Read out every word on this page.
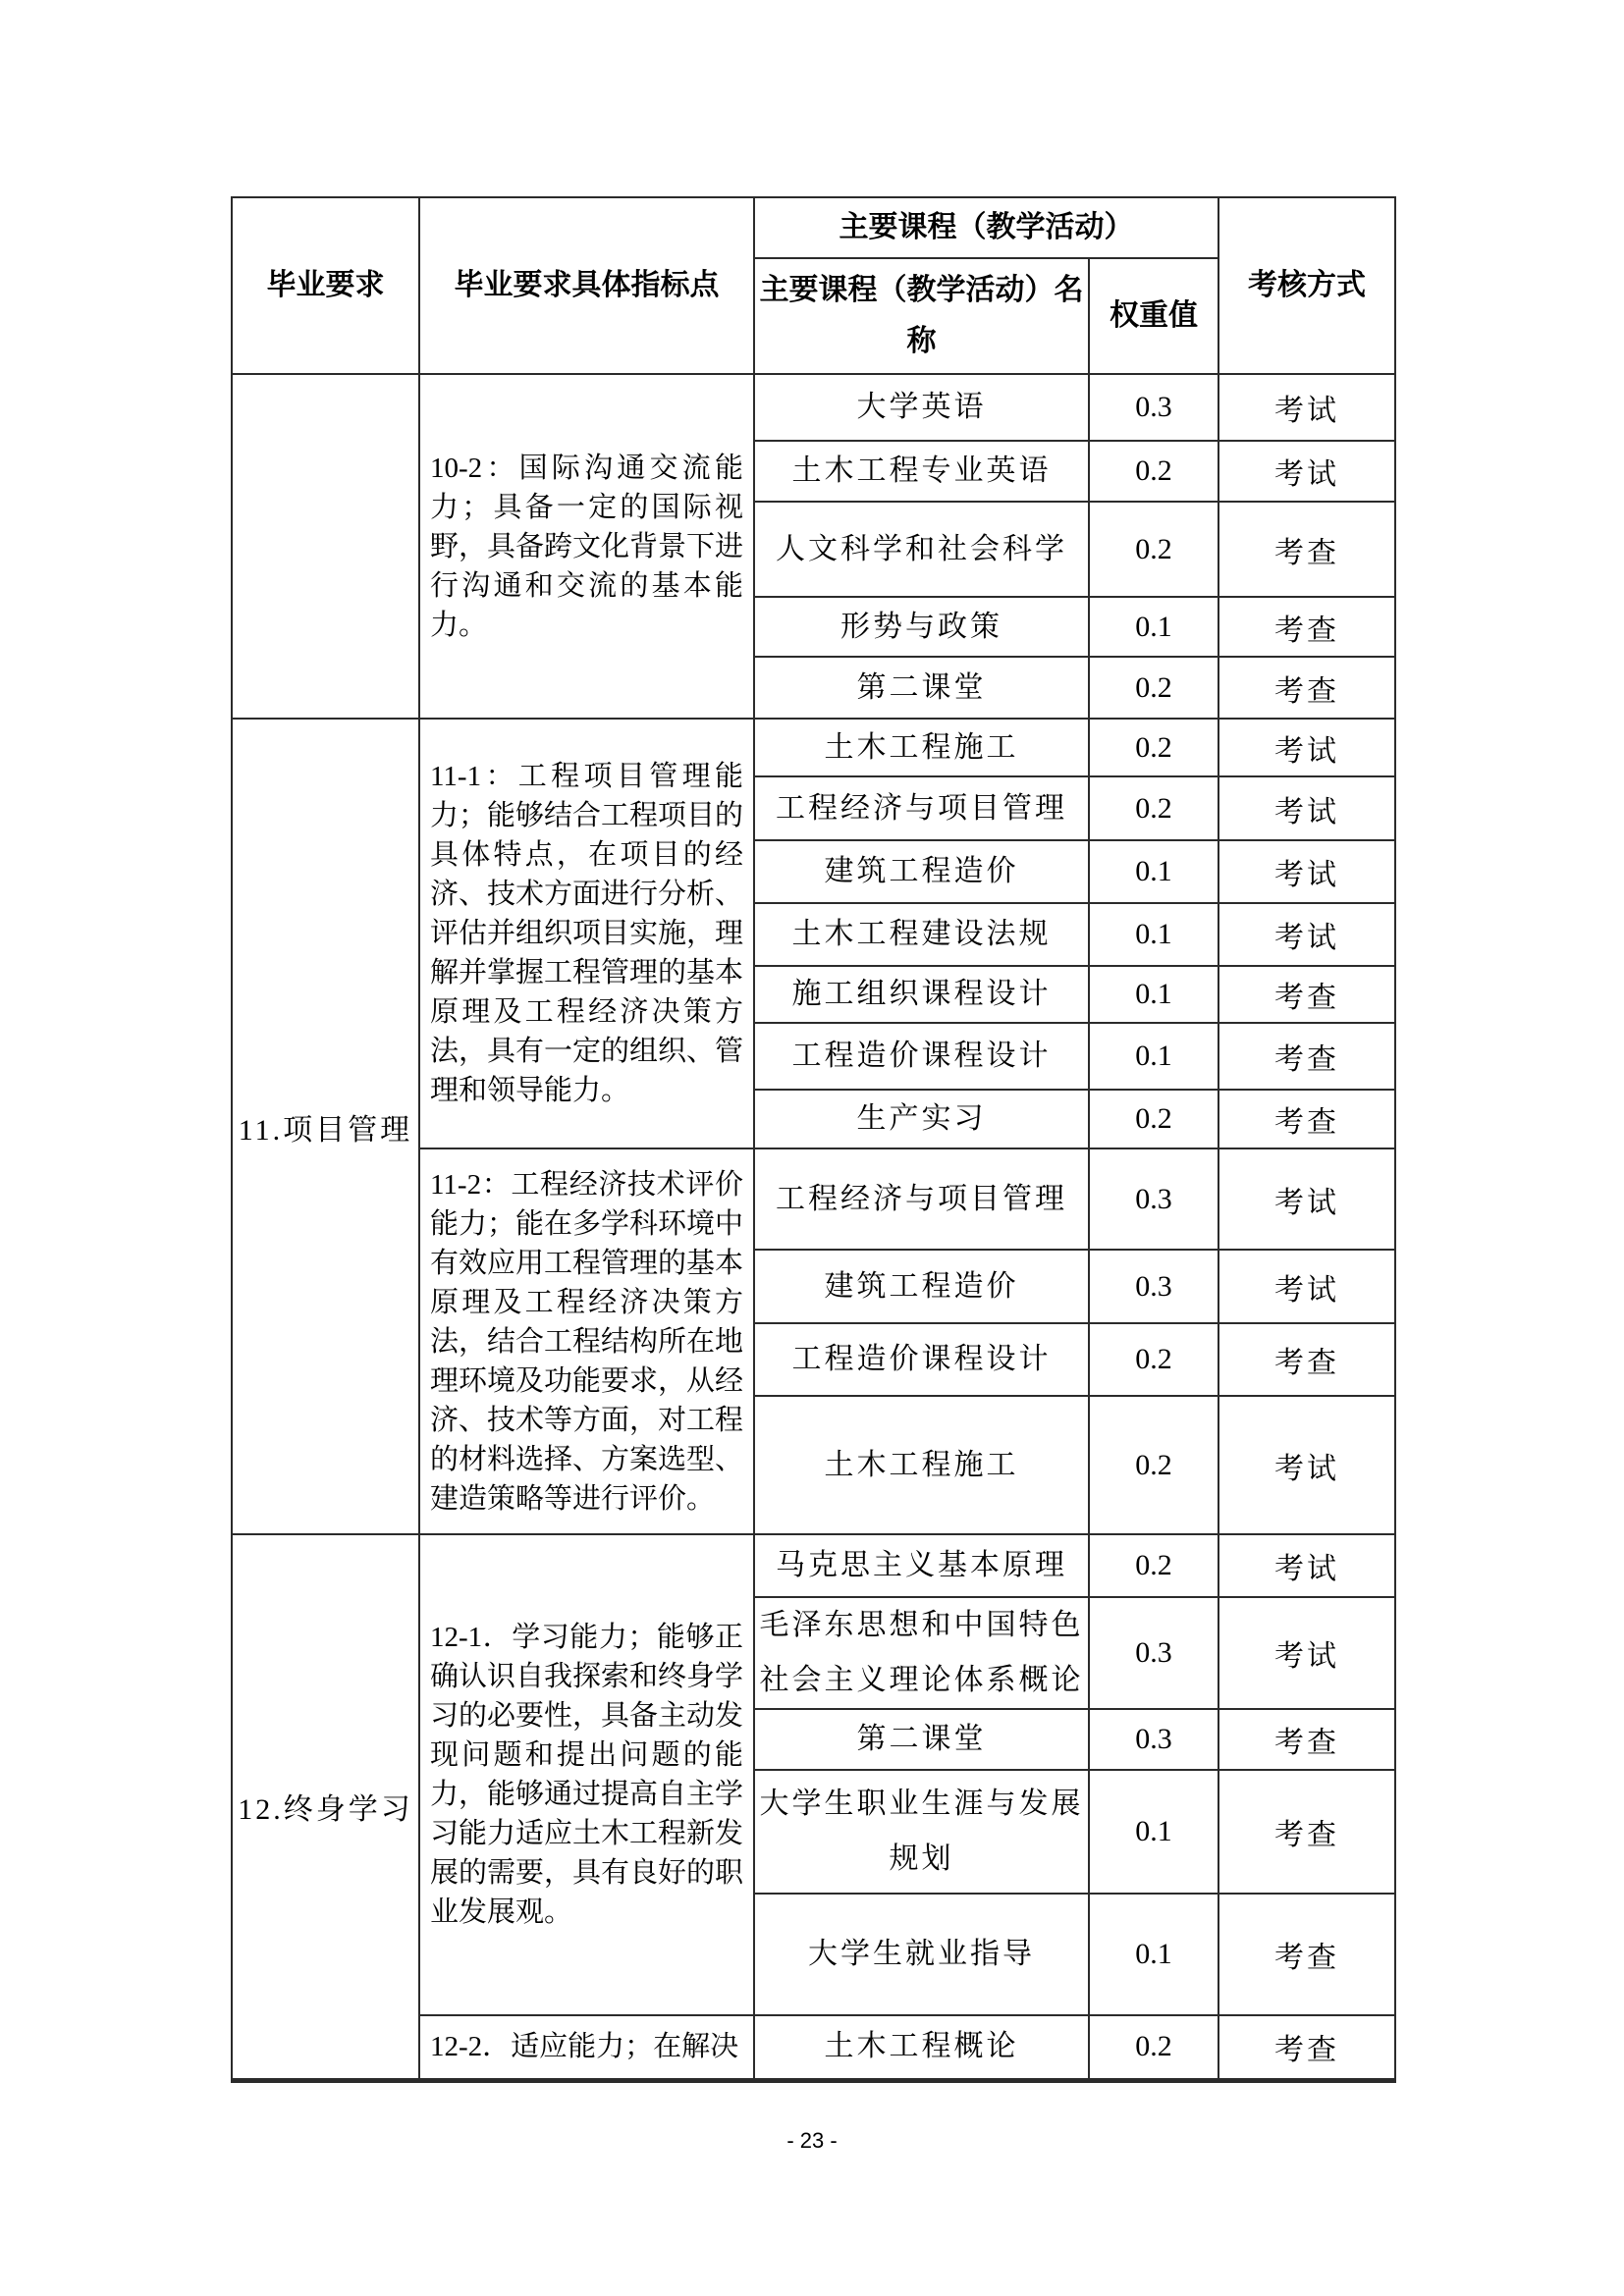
毕业要求	毕业要求具体指标点	主要课程（教学活动）		考核方式
		主要课程（教学活动）名称	权重值	
	10-2：国际沟通交流能力；具备一定的国际视野，具备跨文化背景下进行沟通和交流的基本能力。	大学英语	0.3	考试
		土木工程专业英语	0.2	考试
		人文科学和社会科学	0.2	考查
		形势与政策	0.1	考查
		第二课堂	0.2	考查
11.项目管理	11-1：工程项目管理能力；能够结合工程项目的具体特点，在项目的经济、技术方面进行分析、评估并组织项目实施，理解并掌握工程管理的基本原理及工程经济决策方法，具有一定的组织、管理和领导能力。	土木工程施工	0.2	考试
		工程经济与项目管理	0.2	考试
		建筑工程造价	0.1	考试
		土木工程建设法规	0.1	考试
		施工组织课程设计	0.1	考查
		工程造价课程设计	0.1	考查
		生产实习	0.2	考查
	11-2：工程经济技术评价能力；能在多学科环境中有效应用工程管理的基本原理及工程经济决策方法，结合工程结构所在地理环境及功能要求，从经济、技术等方面，对工程的材料选择、方案选型、建造策略等进行评价。	工程经济与项目管理	0.3	考试
		建筑工程造价	0.3	考试
		工程造价课程设计	0.2	考查
		土木工程施工	0.2	考试
12.终身学习	12-1．学习能力；能够正确认识自我探索和终身学习的必要性，具备主动发现问题和提出问题的能力，能够通过提高自主学习能力适应土木工程新发展的需要，具有良好的职业发展观。	马克思主义基本原理	0.2	考试
		毛泽东思想和中国特色社会主义理论体系概论	0.3	考试
		第二课堂	0.3	考查
		大学生职业生涯与发展规划	0.1	考查
		大学生就业指导	0.1	考查
	12-2．适应能力；在解决	土木工程概论	0.2	考查
- 23 -
